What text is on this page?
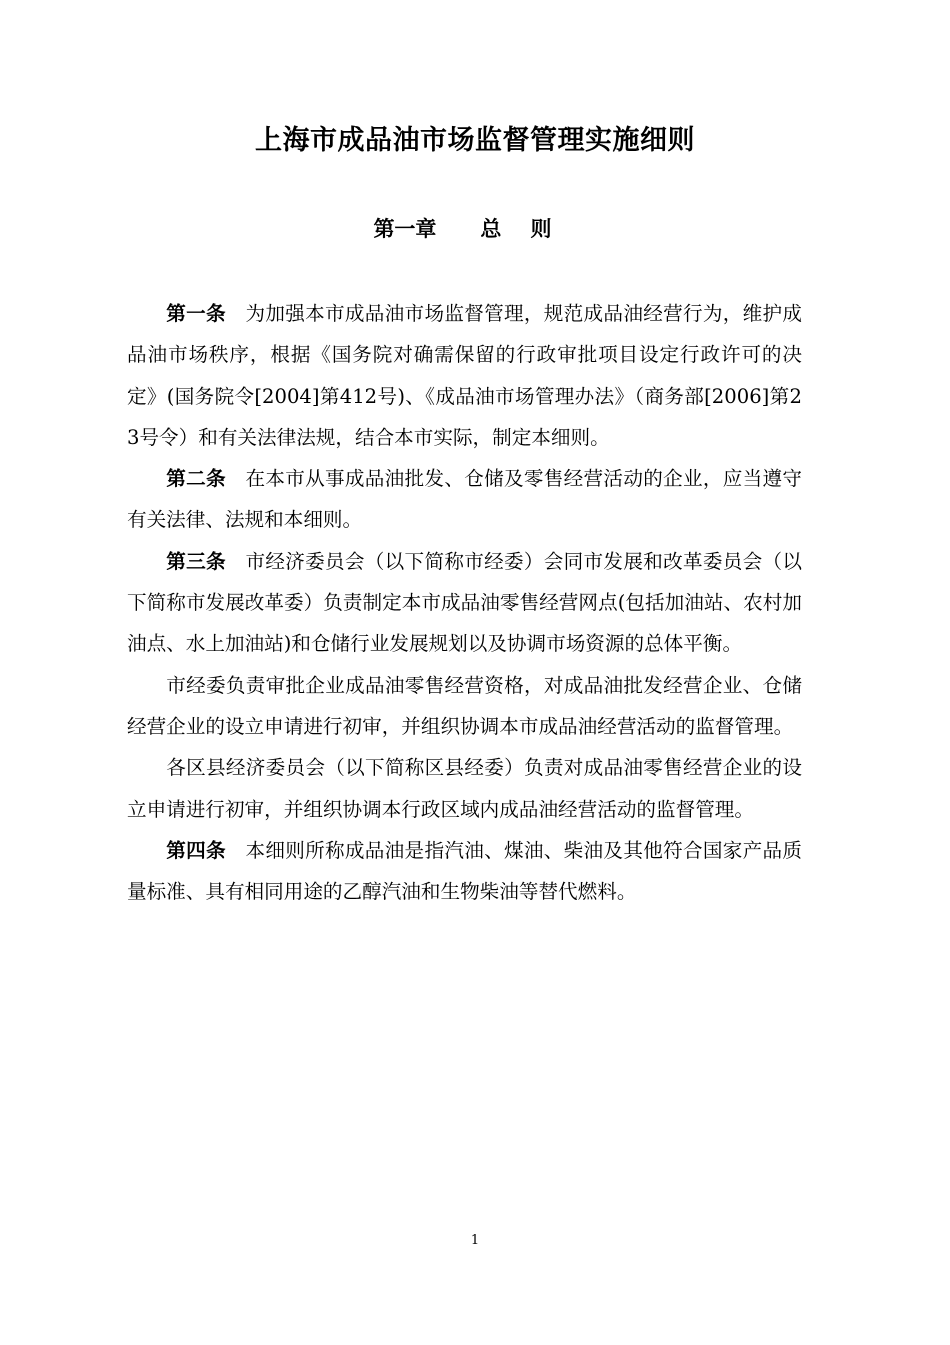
上海市成品油市场监督管理实施细则
第一章 总    则

第一条 为加强本市成品油市场监督管理，规范成品油经营行为，维护成品油市场秩序，根据《国务院对确需保留的行政审批项目设定行政许可的决定》(国务院令[2004]第412号)、《成品油市场管理办法》（商务部[2006]第23号令）和有关法律法规，结合本市实际，制定本细则。

第二条 在本市从事成品油批发、仓储及零售经营活动的企业，应当遵守有关法律、法规和本细则。

第三条 市经济委员会（以下简称市经委）会同市发展和改革委员会（以下简称市发展改革委）负责制定本市成品油零售经营网点(包括加油站、农村加油点、水上加油站)和仓储行业发展规划以及协调市场资源的总体平衡。

市经委负责审批企业成品油零售经营资格，对成品油批发经营企业、仓储经营企业的设立申请进行初审，并组织协调本市成品油经营活动的监督管理。

各区县经济委员会（以下简称区县经委）负责对成品油零售经营企业的设立申请进行初审，并组织协调本行政区域内成品油经营活动的监督管理。

第四条 本细则所称成品油是指汽油、煤油、柴油及其他符合国家产品质量标准、具有相同用途的乙醇汽油和生物柴油等替代燃料。

1
